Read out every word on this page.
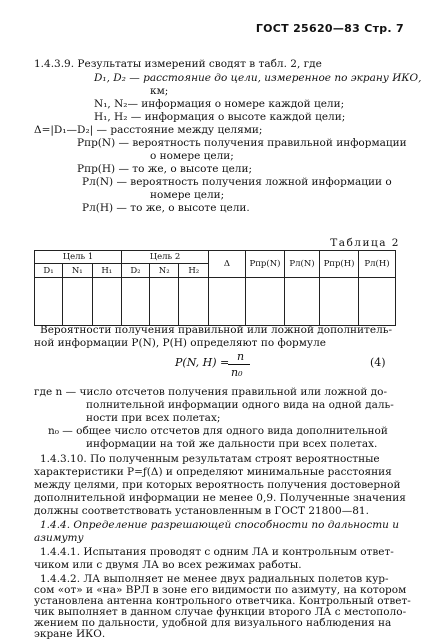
ГОСТ 25620—83 Стр. 7
1.4.3.9. Результаты измерений сводят в табл. 2, где
D₁, D₂ — расстояние до цели, измеренное по экрану ИКО,
км;
N₁, N₂— информация о номере каждой цели;
H₁, H₂ — информация о высоте каждой цели;
Δ=|D₁—D₂| — расстояние между целями;
Pпр(N) — вероятность получения правильной информации
о номере цели;
Pпр(H) — то же, о высоте цели;
Pл(N) — вероятность получения ложной информации о
номере цели;
Pл(H) — то же, о высоте цели.
Таблица 2
Цель 1			Цель 2			Δ	Pпр(N)	Pл(N)	Pпр(H)	Pл(H)
D₁	N₁	H₁	D₂	N₂	H₂					

Вероятности получения правильной или ложной дополнитель-
ной информации P(N), P(H) определяют по формуле
P(N, H) = n
n₀
(4)
где n — число отсчетов получения правильной или ложной до-
полнительной информации одного вида на одной даль-
ности при всех полетах;
n₀ — общее число отсчетов для одного вида дополнительной
информации на той же дальности при всех полетах.
1.4.3.10. По полученным результатам строят вероятностные
характеристики P=ƒ(Δ) и определяют минимальные расстояния
между целями, при которых вероятность получения достоверной
дополнительной информации не менее 0,9. Полученные значения
должны соответствовать установленным в ГОСТ 21800—81.
1.4.4. Определение разрешающей способности по дальности и
азимуту
1.4.4.1. Испытания проводят с одним ЛА и контрольным ответ-
чиком или с двумя ЛА во всех режимах работы.
1.4.4.2. ЛА выполняет не менее двух радиальных полетов кур-
сом «от» и «на» ВРЛ в зоне его видимости по азимуту, на котором
установлена антенна контрольного ответчика. Контрольный ответ-
чик выполняет в данном случае функции второго ЛА с местополо-
жением по дальности, удобной для визуального наблюдения на
экране ИКО.
